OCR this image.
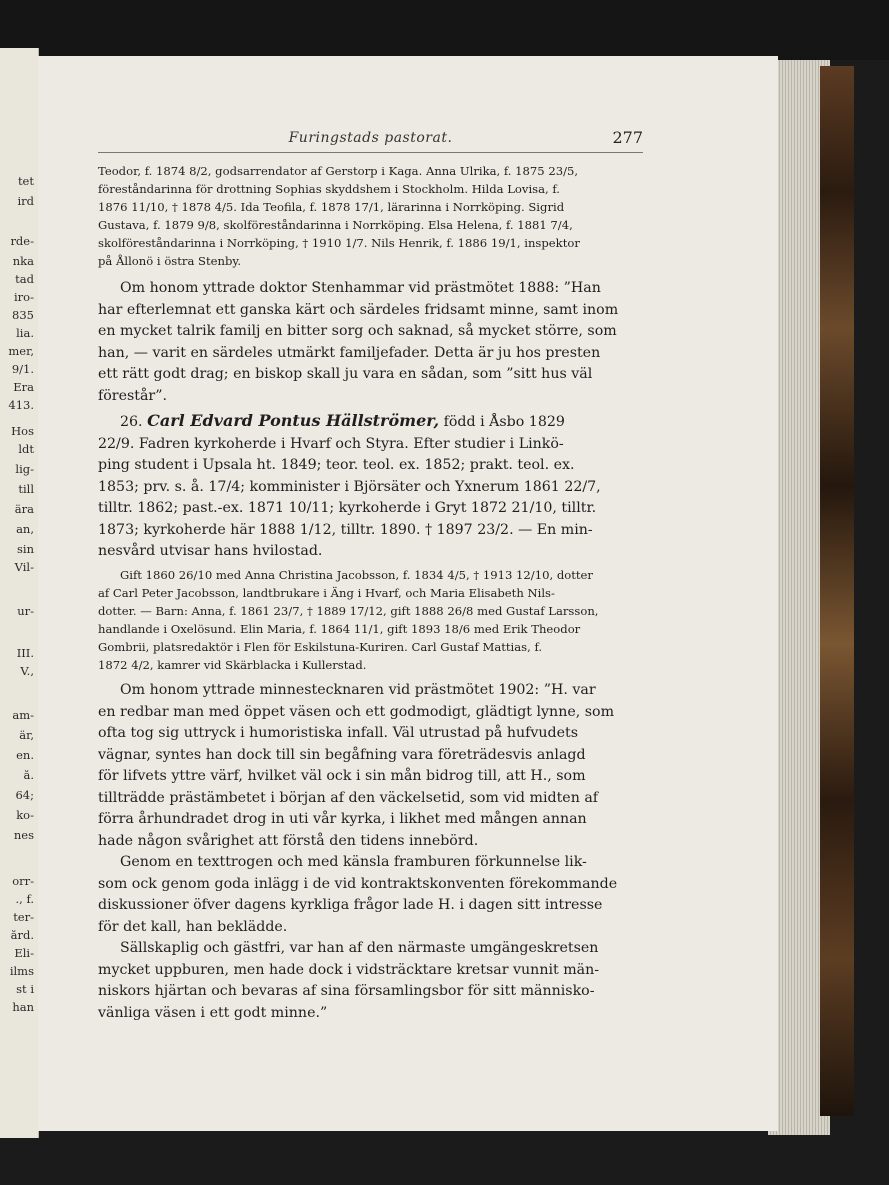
tet
ird
rde-
nka
tad
iro-
835
lia.
mer,
9/1.
Era
413.
Hos
ldt
lig-
till
ära
an,
sin
Vil-
ur-
III.
V.,
am-
är,
en.
å.
64;
ko-
nes
orr-
., f.
ter-
ård.
Eli-
ilms
st i
han
Furingstads pastorat.	277
Teodor, f. 1874 8/2, godsarrendator af Gerstorp i Kaga. Anna Ulrika, f. 1875 23/5,
föreståndarinna för drottning Sophias skyddshem i Stockholm. Hilda Lovisa, f.
1876 11/10, † 1878 4/5. Ida Teofila, f. 1878 17/1, lärarinna i Norrköping. Sigrid
Gustava, f. 1879 9/8, skolföreståndarinna i Norrköping. Elsa Helena, f. 1881 7/4,
skolföreståndarinna i Norrköping, † 1910 1/7. Nils Henrik, f. 1886 19/1, inspektor
på Ållonö i östra Stenby.
Om honom yttrade doktor Stenhammar vid prästmötet 1888: ”Han
har efterlemnat ett ganska kärt och särdeles fridsamt minne, samt inom
en mycket talrik familj en bitter sorg och saknad, så mycket större, som
han, — varit en särdeles utmärkt familjefader. Detta är ju hos presten
ett rätt godt drag; en biskop skall ju vara en sådan, som ”sitt hus väl
förestår”.
26. Carl Edvard Pontus Hällströmer, född i Åsbo 1829
22/9. Fadren kyrkoherde i Hvarf och Styra. Efter studier i Linkö-
ping student i Upsala ht. 1849; teor. teol. ex. 1852; prakt. teol. ex.
1853; prv. s. å. 17/4; komminister i Björsäter och Yxnerum 1861 22/7,
tilltr. 1862; past.-ex. 1871 10/11; kyrkoherde i Gryt 1872 21/10, tilltr.
1873; kyrkoherde här 1888 1/12, tilltr. 1890. † 1897 23/2. — En min-
nesvård utvisar hans hvilostad.
Gift 1860 26/10 med Anna Christina Jacobsson, f. 1834 4/5, † 1913 12/10, dotter
af Carl Peter Jacobsson, landtbrukare i Äng i Hvarf, och Maria Elisabeth Nils-
dotter. — Barn: Anna, f. 1861 23/7, † 1889 17/12, gift 1888 26/8 med Gustaf Larsson,
handlande i Oxelösund. Elin Maria, f. 1864 11/1, gift 1893 18/6 med Erik Theodor
Gombrii, platsredaktör i Flen för Eskilstuna-Kuriren. Carl Gustaf Mattias, f.
1872 4/2, kamrer vid Skärblacka i Kullerstad.
Om honom yttrade minnestecknaren vid prästmötet 1902: ”H. var
en redbar man med öppet väsen och ett godmodigt, glädtigt lynne, som
ofta tog sig uttryck i humoristiska infall. Väl utrustad på hufvudets
vägnar, syntes han dock till sin begåfning vara företrädesvis anlagd
för lifvets yttre värf, hvilket väl ock i sin mån bidrog till, att H., som
tillträdde prästämbetet i början af den väckelsetid, som vid midten af
förra århundradet drog in uti vår kyrka, i likhet med mången annan
hade någon svårighet att förstå den tidens innebörd.
Genom en texttrogen och med känsla framburen förkunnelse lik-
som ock genom goda inlägg i de vid kontraktskonventen förekommande
diskussioner öfver dagens kyrkliga frågor lade H. i dagen sitt intresse
för det kall, han beklädde.
Sällskaplig och gästfri, var han af den närmaste umgängeskretsen
mycket uppburen, men hade dock i vidsträcktare kretsar vunnit män-
niskors hjärtan och bevaras af sina församlingsbor för sitt människo-
vänliga väsen i ett godt minne.”
